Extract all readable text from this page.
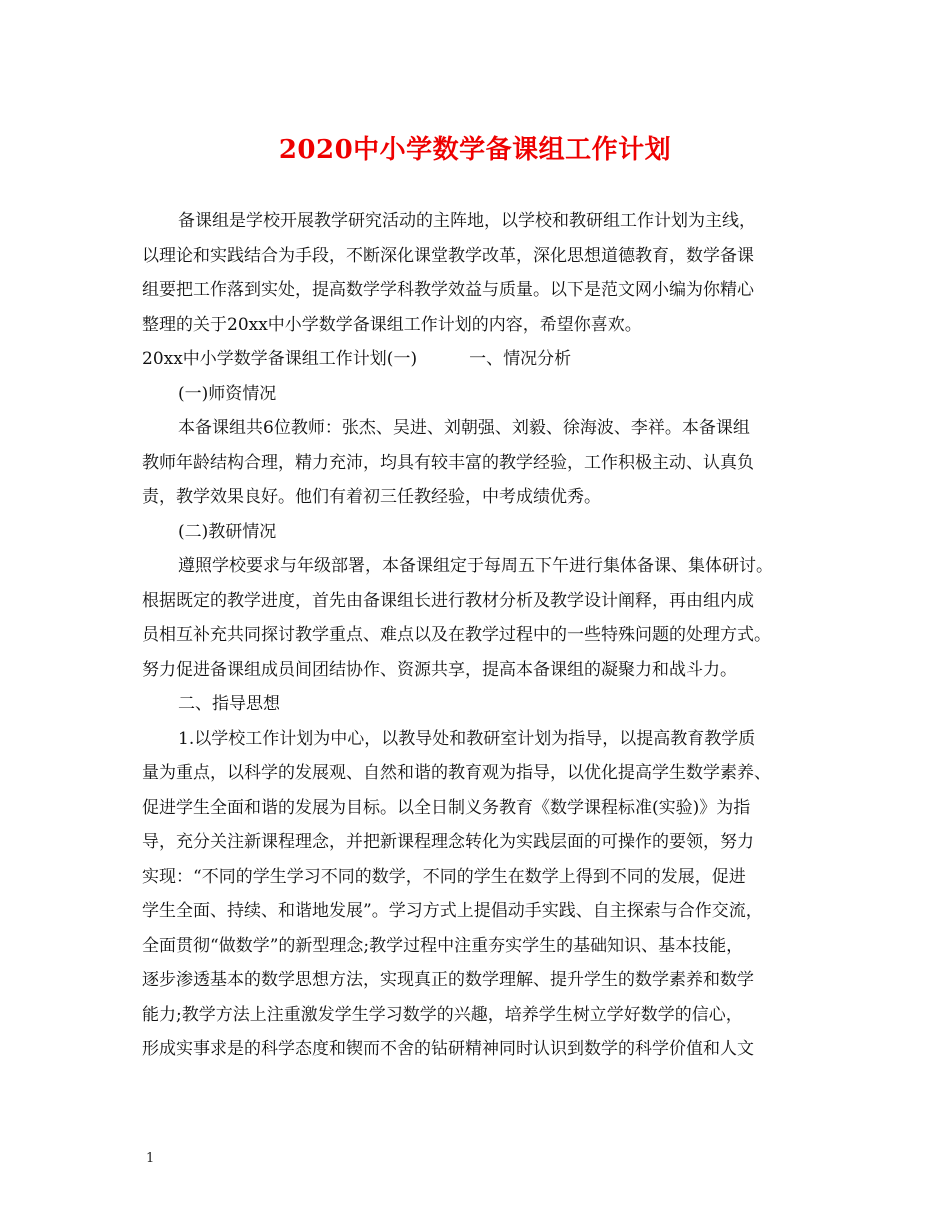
2020中小学数学备课组工作计划
备课组是学校开展教学研究活动的主阵地，以学校和教研组工作计划为主线，
以理论和实践结合为手段，不断深化课堂教学改革，深化思想道德教育，数学备课
组要把工作落到实处，提高数学学科教学效益与质量。以下是范文网小编为你精心
整理的关于20xx中小学数学备课组工作计划的内容，希望你喜欢。
20xx中小学数学备课组工作计划(一)	一、情况分析
(一)师资情况
本备课组共6位教师：张杰、吴进、刘朝强、刘毅、徐海波、李祥。本备课组
教师年龄结构合理，精力充沛，均具有较丰富的教学经验，工作积极主动、认真负
责，教学效果良好。他们有着初三任教经验，中考成绩优秀。
(二)教研情况
遵照学校要求与年级部署，本备课组定于每周五下午进行集体备课、集体研讨。
根据既定的教学进度，首先由备课组长进行教材分析及教学设计阐释，再由组内成
员相互补充共同探讨教学重点、难点以及在教学过程中的一些特殊问题的处理方式。
努力促进备课组成员间团结协作、资源共享，提高本备课组的凝聚力和战斗力。
二、指导思想
1.以学校工作计划为中心，以教导处和教研室计划为指导，以提高教育教学质
量为重点，以科学的发展观、自然和谐的教育观为指导，以优化提高学生数学素养、
促进学生全面和谐的发展为目标。以全日制义务教育《数学课程标准(实验)》为指
导，充分关注新课程理念，并把新课程理念转化为实践层面的可操作的要领，努力
实现：“不同的学生学习不同的数学，不同的学生在数学上得到不同的发展，促进
学生全面、持续、和谐地发展”。学习方式上提倡动手实践、自主探索与合作交流，
全面贯彻“做数学”的新型理念;教学过程中注重夯实学生的基础知识、基本技能，
逐步渗透基本的数学思想方法，实现真正的数学理解、提升学生的数学素养和数学
能力;教学方法上注重激发学生学习数学的兴趣，培养学生树立学好数学的信心，
形成实事求是的科学态度和锲而不舍的钻研精神同时认识到数学的科学价值和人文
1
